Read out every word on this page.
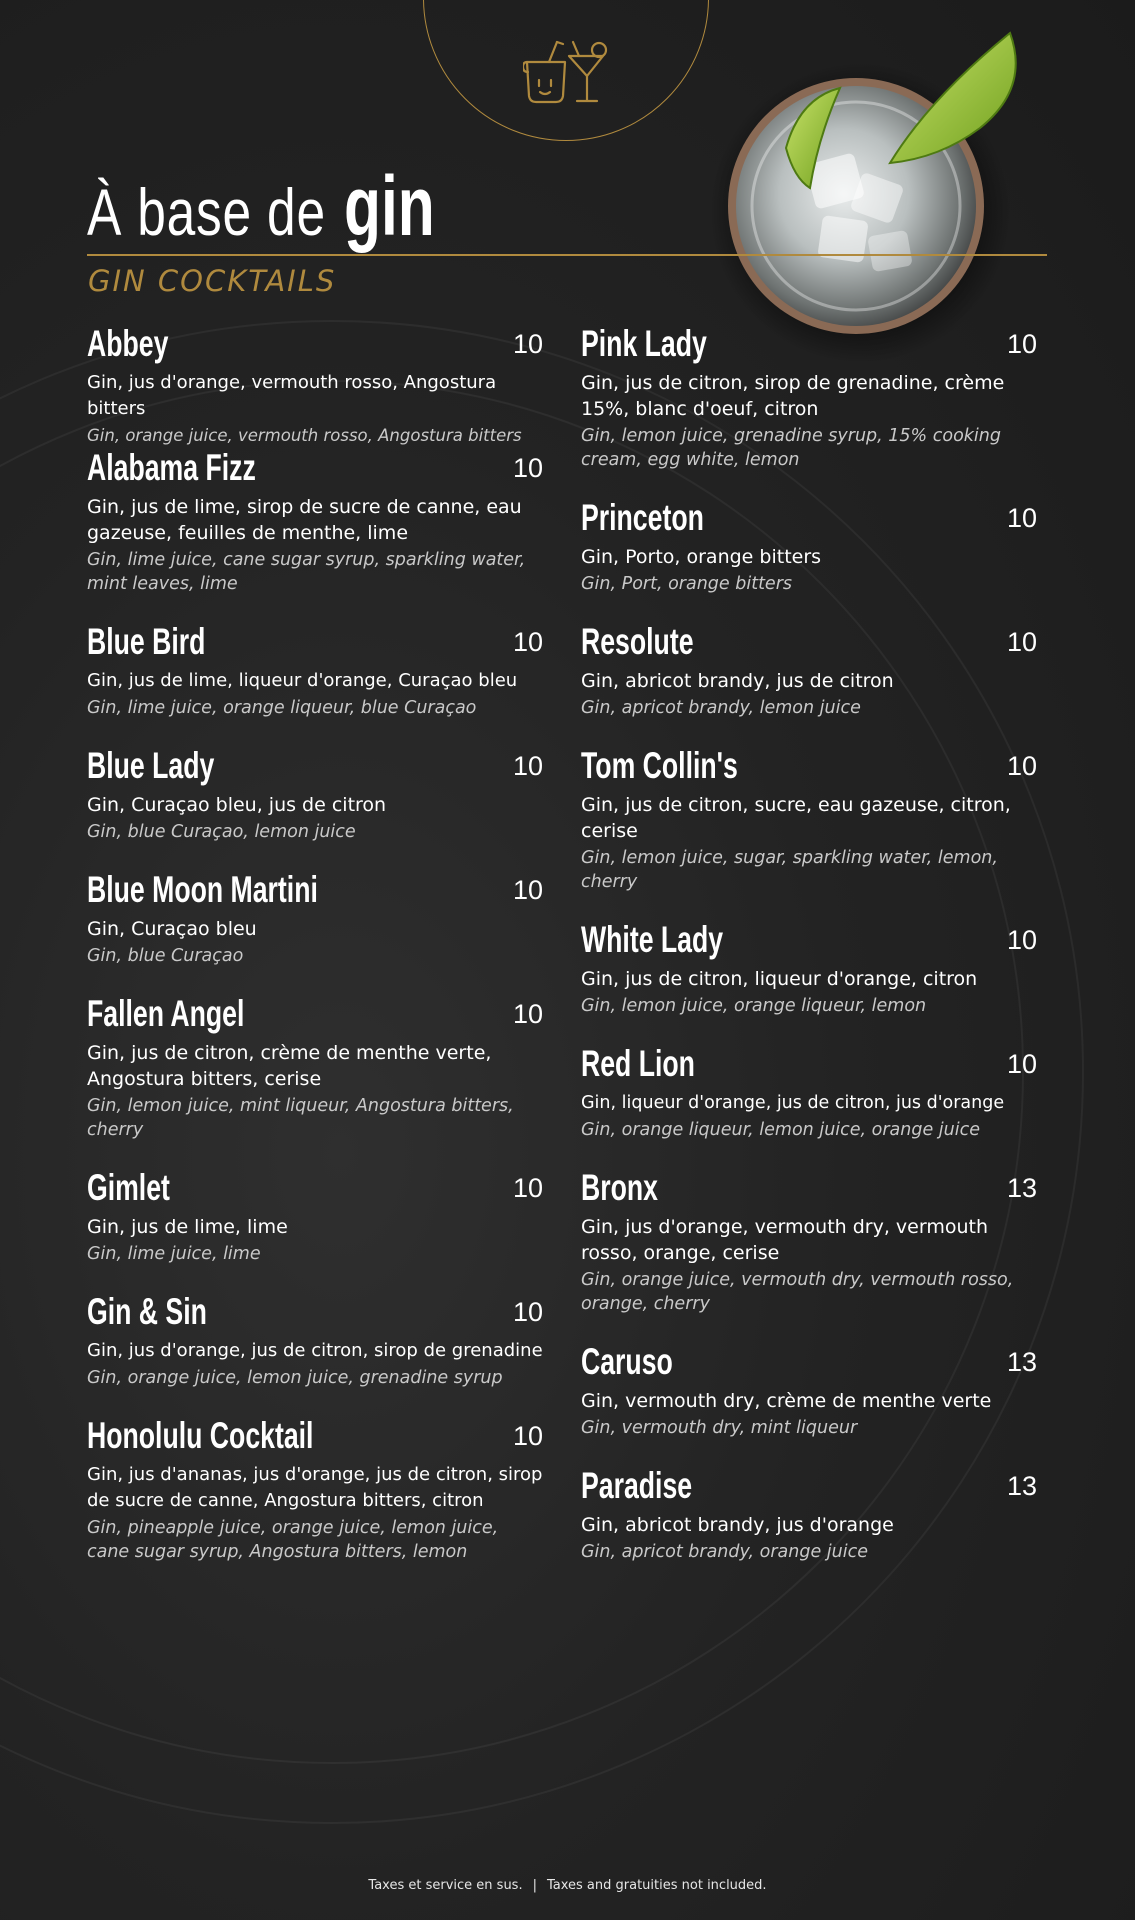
À base de gin
GIN COCKTAILS
Abbey	10

Gin, jus d'orange, vermouth rosso, Angostura bitters

Gin, orange juice, vermouth rosso, Angostura bitters

Alabama Fizz	10

Gin, jus de lime, sirop de sucre de canne, eau gazeuse, feuilles de menthe, lime

Gin, lime juice, cane sugar syrup, sparkling water, mint leaves, lime

Blue Bird	10

Gin, jus de lime, liqueur d'orange, Curaçao bleu

Gin, lime juice, orange liqueur, blue Curaçao

Blue Lady	10

Gin, Curaçao bleu, jus de citron

Gin, blue Curaçao, lemon juice

Blue Moon Martini	10

Gin, Curaçao bleu

Gin, blue Curaçao

Fallen Angel	10

Gin, jus de citron, crème de menthe verte, Angostura bitters, cerise

Gin, lemon juice, mint liqueur, Angostura bitters, cherry

Gimlet	10

Gin, jus de lime, lime

Gin, lime juice, lime

Gin & Sin	10

Gin, jus d'orange, jus de citron, sirop de grenadine

Gin, orange juice, lemon juice, grenadine syrup

Honolulu Cocktail	10

Gin, jus d'ananas, jus d'orange, jus de citron, sirop de sucre de canne, Angostura bitters, citron

Gin, pineapple juice, orange juice, lemon juice, cane sugar syrup, Angostura bitters, lemon

Pink Lady	10

Gin, jus de citron, sirop de grenadine, crème 15%, blanc d'oeuf, citron

Gin, lemon juice, grenadine syrup, 15% cooking cream, egg white, lemon

Princeton	10

Gin, Porto, orange bitters

Gin, Port, orange bitters

Resolute	10

Gin, abricot brandy, jus de citron

Gin, apricot brandy, lemon juice

Tom Collin's	10

Gin, jus de citron, sucre, eau gazeuse, citron, cerise

Gin, lemon juice, sugar, sparkling water, lemon, cherry

White Lady	10

Gin, jus de citron, liqueur d'orange, citron

Gin, lemon juice, orange liqueur, lemon

Red Lion	10

Gin, liqueur d'orange, jus de citron, jus d'orange

Gin, orange liqueur, lemon juice, orange juice

Bronx	13

Gin, jus d'orange, vermouth dry, vermouth rosso, orange, cerise

Gin, orange juice, vermouth dry, vermouth rosso, orange, cherry

Caruso	13

Gin, vermouth dry, crème de menthe verte

Gin, vermouth dry, mint liqueur

Paradise	13

Gin, abricot brandy, jus d'orange

Gin, apricot brandy, orange juice

Taxes et service en sus. | Taxes and gratuities not included.
